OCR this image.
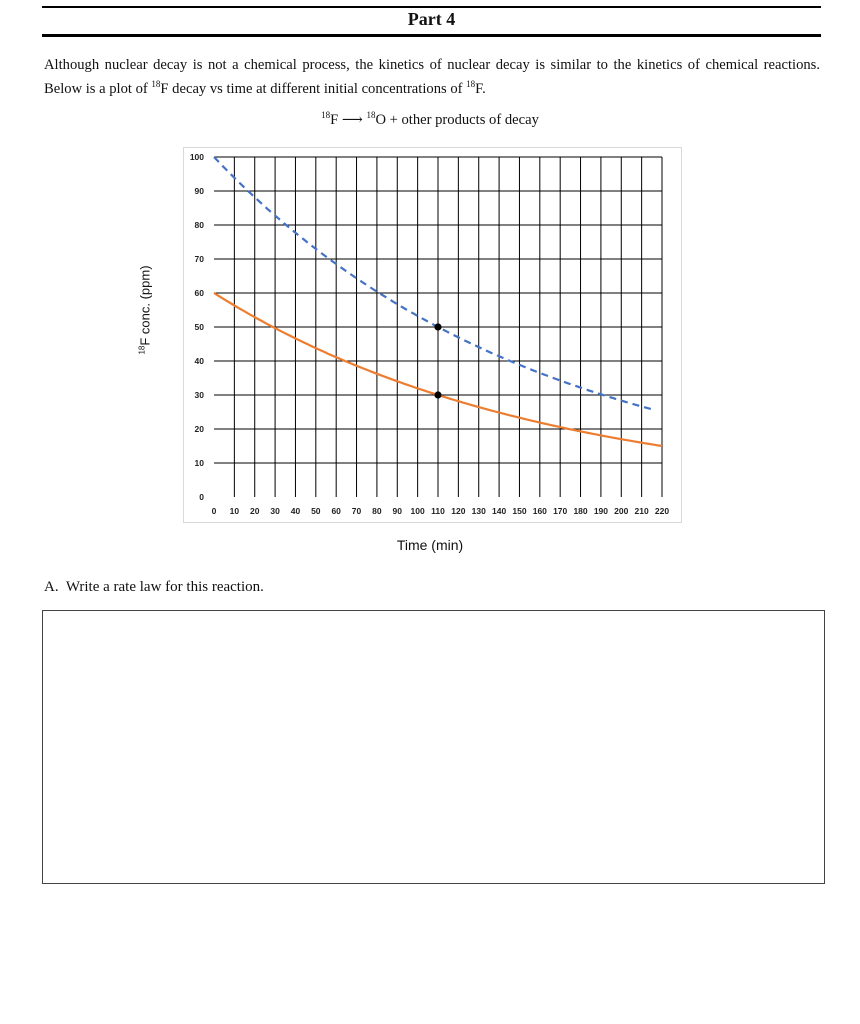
Part 4
Although nuclear decay is not a chemical process, the kinetics of nuclear decay is similar to the kinetics of chemical reactions. Below is a plot of $^{18}$F decay vs time at different initial concentrations of $^{18}$F.
$^{18}$F ⟶ $^{18}$O + other products of decay
0
10
20
30
40
50
60
70
80
90
100
0 10 20 30 40 50 60 70 80 90 100 110 120 130 140 150 160 170 180 190 200 210 220
$^{18}$F conc. (ppm)
Time (min)
A. Write a rate law for this reaction.
